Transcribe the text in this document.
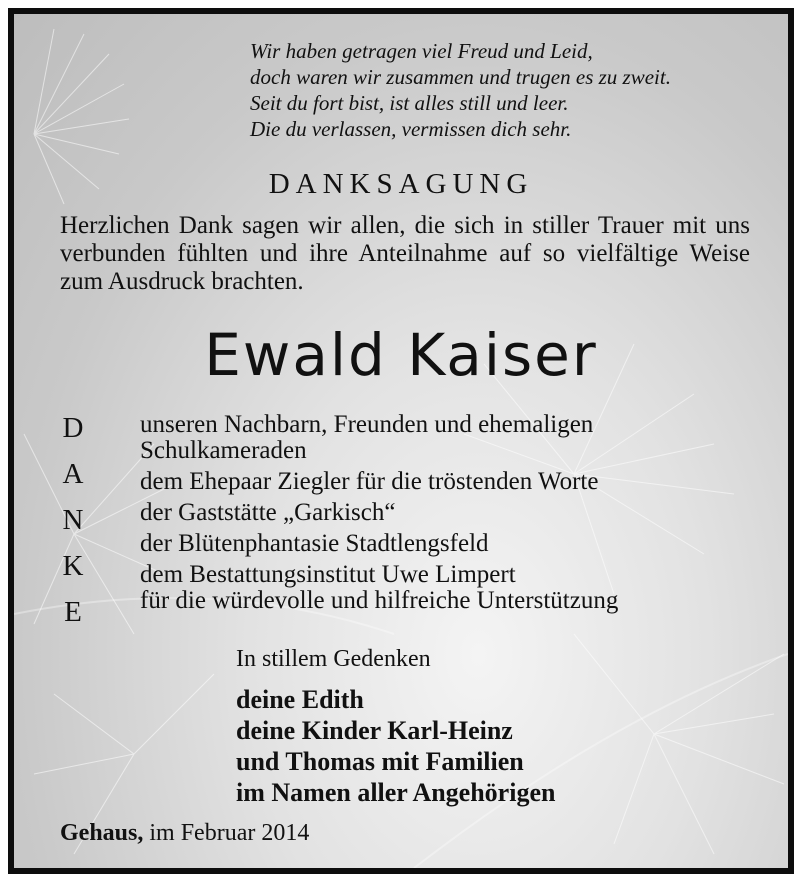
Wir haben getragen viel Freud und Leid,
doch waren wir zusammen und trugen es zu zweit.
Seit du fort bist, ist alles still und leer.
Die du verlassen, vermissen dich sehr.
DANKSAGUNG
Herzlichen Dank sagen wir allen, die sich in stiller Trauer mit uns verbunden fühlten und ihre Anteilnahme auf so vielfältige Weise zum Ausdruck brachten.
Ewald Kaiser
D
A
N
K
E
unseren Nachbarn, Freunden und ehemaligen
Schulkameraden
dem Ehepaar Ziegler für die tröstenden Worte
der Gaststätte „Garkisch“
der Blütenphantasie Stadtlengsfeld
dem Bestattungsinstitut Uwe Limpert
für die würdevolle und hilfreiche Unterstützung
In stillem Gedenken
deine Edith
deine Kinder Karl-Heinz
und Thomas mit Familien
im Namen aller Angehörigen
Gehaus, im Februar 2014
